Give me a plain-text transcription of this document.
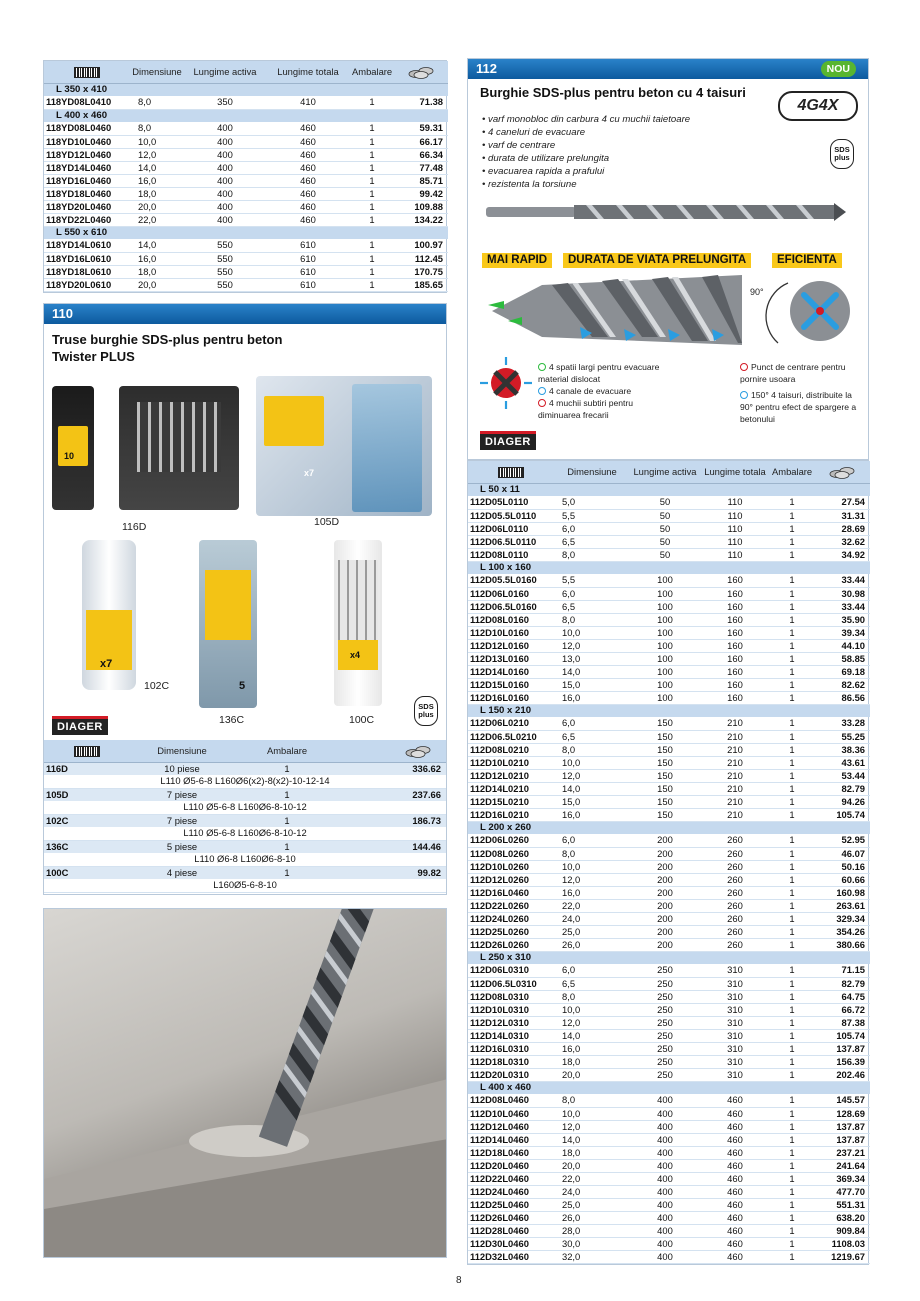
	Dimensiune	Lungime activa	Lungime totala	Ambalare	
L 350 x 410					
118YD08L0410	8,0	350	410	1	71.38
L 400 x 460					
118YD08L0460	8,0	400	460	1	59.31
118YD10L0460	10,0	400	460	1	66.17
118YD12L0460	12,0	400	460	1	66.34
118YD14L0460	14,0	400	460	1	77.48
118YD16L0460	16,0	400	460	1	85.71
118YD18L0460	18,0	400	460	1	99.42
118YD20L0460	20,0	400	460	1	109.88
118YD22L0460	22,0	400	460	1	134.22
L 550 x 610					
118YD14L0610	14,0	550	610	1	100.97
118YD16L0610	16,0	550	610	1	112.45
118YD18L0610	18,0	550	610	1	170.75
118YD20L0610	20,0	550	610	1	185.65
110
Truse burghie SDS-plus pentru beton
Twister PLUS
10
116D
x7
105D
x7
102C	5
136C
x4
100C
DIAGER
SDS
plus
	Dimensiune	Ambalare		
116D	10 piese	1		336.62
L110 Ø5-6-8 L160Ø6(x2)-8(x2)-10-12-14				
105D	7 piese	1		237.66
L110 Ø5-6-8 L160Ø6-8-10-12				
102C	7 piese	1		186.73
L110 Ø5-6-8 L160Ø6-8-10-12				
136C	5 piese	1		144.46
L110 Ø6-8 L160Ø6-8-10				
100C	4 piese	1		99.82
L160Ø5-6-8-10				
112	NOU
Burghie SDS-plus pentru beton cu 4 taisuri
4G4X
SDS
plus
• varf monobloc din carbura 4 cu muchii taietoare
• 4 caneluri de evacuare
• varf de centrare
• durata de utilizare prelungita
• evacuarea rapida a prafului
• rezistenta la torsiune
MAI RAPID	DURATA DE VIATA PRELUNGITA	EFICIENTA
90°
4 spatii largi pentru evacuare material dislocat
4 canale de evacuare
4 muchii subtiri pentru diminuarea frecarii
Punct de centrare pentru pornire usoara
150° 4 taisuri, distribuite la 90° pentru efect de spargere a betonului
DIAGER
	Dimensiune	Lungime activa	Lungime totala	Ambalare	
L 50 x 11					
112D05L0110	5,0	50	110	1	27.54
112D05.5L0110	5,5	50	110	1	31.31
112D06L0110	6,0	50	110	1	28.69
112D06.5L0110	6,5	50	110	1	32.62
112D08L0110	8,0	50	110	1	34.92
L 100 x 160					
112D05.5L0160	5,5	100	160	1	33.44
112D06L0160	6,0	100	160	1	30.98
112D06.5L0160	6,5	100	160	1	33.44
112D08L0160	8,0	100	160	1	35.90
112D10L0160	10,0	100	160	1	39.34
112D12L0160	12,0	100	160	1	44.10
112D13L0160	13,0	100	160	1	58.85
112D14L0160	14,0	100	160	1	69.18
112D15L0160	15,0	100	160	1	82.62
112D16L0160	16,0	100	160	1	86.56
L 150 x 210					
112D06L0210	6,0	150	210	1	33.28
112D06.5L0210	6,5	150	210	1	55.25
112D08L0210	8,0	150	210	1	38.36
112D10L0210	10,0	150	210	1	43.61
112D12L0210	12,0	150	210	1	53.44
112D14L0210	14,0	150	210	1	82.79
112D15L0210	15,0	150	210	1	94.26
112D16L0210	16,0	150	210	1	105.74
L 200 x 260					
112D06L0260	6,0	200	260	1	52.95
112D08L0260	8,0	200	260	1	46.07
112D10L0260	10,0	200	260	1	50.16
112D12L0260	12,0	200	260	1	60.66
112D16L0460	16,0	200	260	1	160.98
112D22L0260	22,0	200	260	1	263.61
112D24L0260	24,0	200	260	1	329.34
112D25L0260	25,0	200	260	1	354.26
112D26L0260	26,0	200	260	1	380.66
L 250 x 310					
112D06L0310	6,0	250	310	1	71.15
112D06.5L0310	6,5	250	310	1	82.79
112D08L0310	8,0	250	310	1	64.75
112D10L0310	10,0	250	310	1	66.72
112D12L0310	12,0	250	310	1	87.38
112D14L0310	14,0	250	310	1	105.74
112D16L0310	16,0	250	310	1	137.87
112D18L0310	18,0	250	310	1	156.39
112D20L0310	20,0	250	310	1	202.46
L 400 x 460					
112D08L0460	8,0	400	460	1	145.57
112D10L0460	10,0	400	460	1	128.69
112D12L0460	12,0	400	460	1	137.87
112D14L0460	14,0	400	460	1	137.87
112D18L0460	18,0	400	460	1	237.21
112D20L0460	20,0	400	460	1	241.64
112D22L0460	22,0	400	460	1	369.34
112D24L0460	24,0	400	460	1	477.70
112D25L0460	25,0	400	460	1	551.31
112D26L0460	26,0	400	460	1	638.20
112D28L0460	28,0	400	460	1	909.84
112D30L0460	30,0	400	460	1	1108.03
112D32L0460	32,0	400	460	1	1219.67
8
